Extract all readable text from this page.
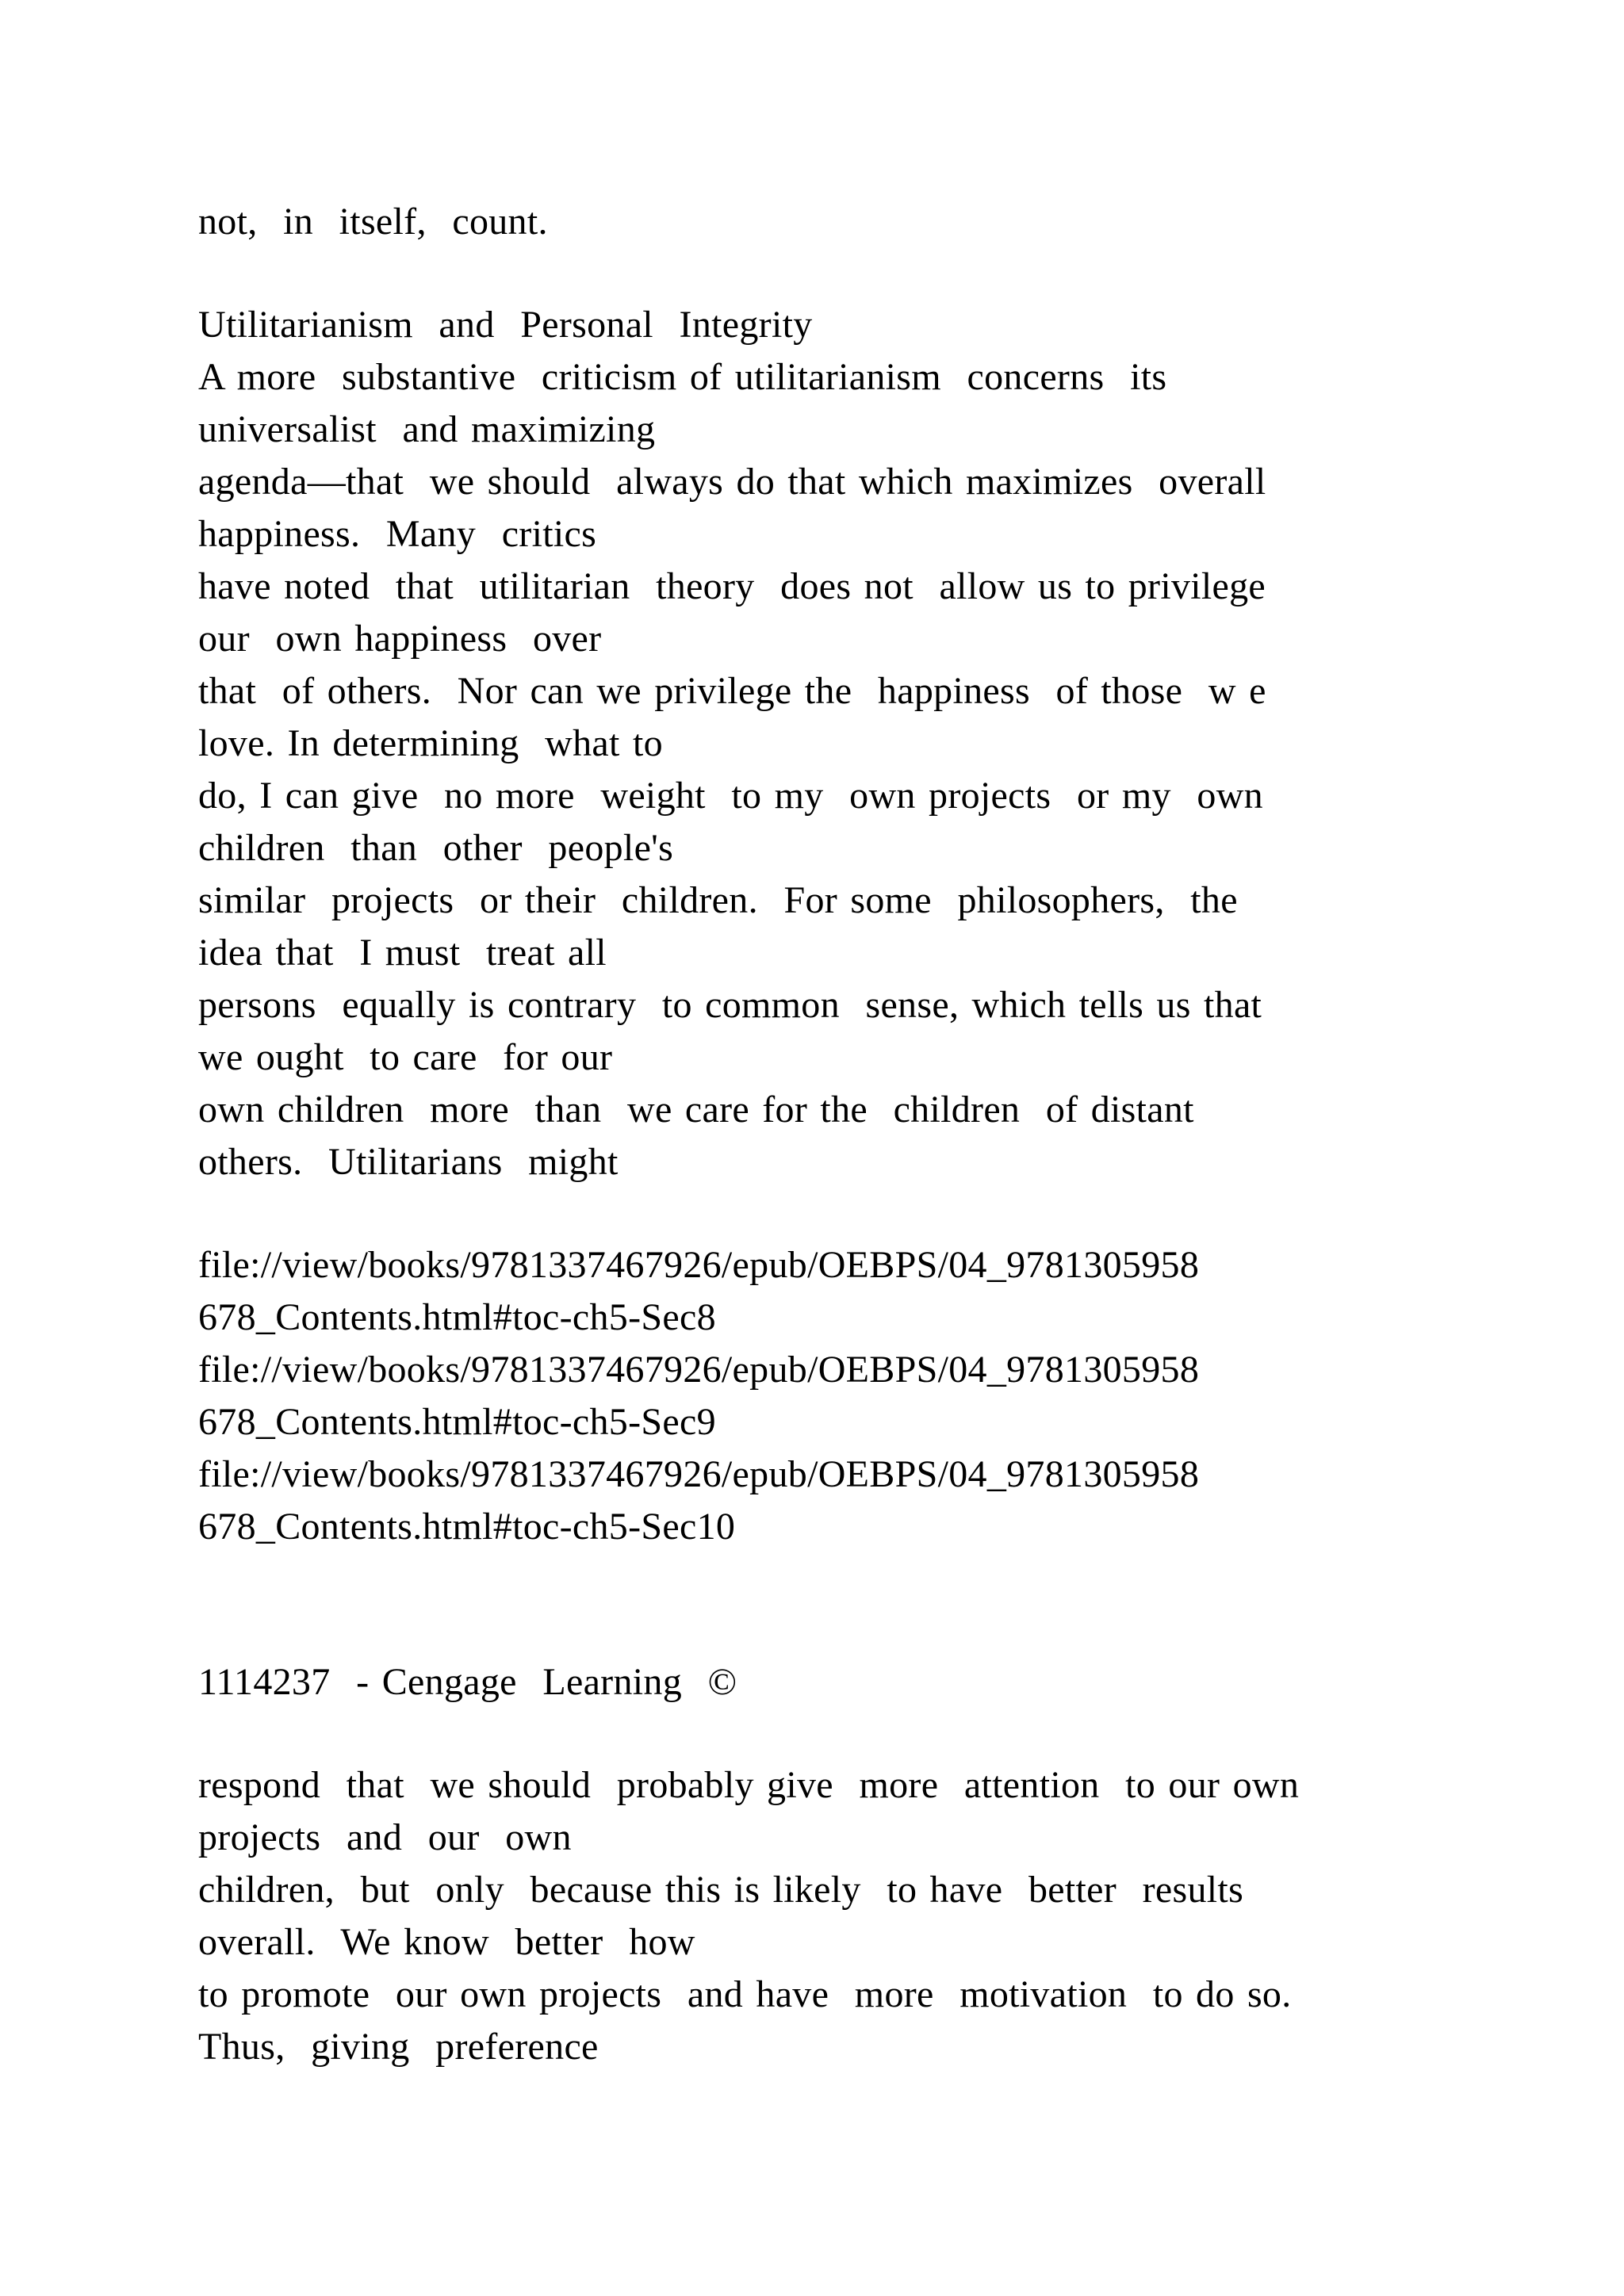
not,  in  itself,  count.

Utilitarianism  and  Personal  Integrity

A more  substantive  criticism of utilitarianism  concerns  its

universalist  and maximizing

agenda—that  we should  always do that which maximizes  overall

happiness.  Many  critics

have noted  that  utilitarian  theory  does not  allow us to privilege

our  own happiness  over

that  of others.  Nor can we privilege the  happiness  of those  w e

love. In determining  what to

do, I can give  no more  weight  to my  own projects  or my  own

children  than  other  people's

similar  projects  or their  children.  For some  philosophers,  the

idea that  I must  treat all

persons  equally is contrary  to common  sense, which tells us that

we ought  to care  for our

own children  more  than  we care for the  children  of distant

others.  Utilitarians  might

file://view/books/9781337467926/epub/OEBPS/04_9781305958

678_Contents.html#toc-ch5-Sec8

file://view/books/9781337467926/epub/OEBPS/04_9781305958

678_Contents.html#toc-ch5-Sec9

file://view/books/9781337467926/epub/OEBPS/04_9781305958

678_Contents.html#toc-ch5-Sec10

1114237  - Cengage  Learning  ©

respond  that  we should  probably give  more  attention  to our own

projects  and  our  own

children,  but  only  because this is likely  to have  better  results

overall.  We know  better  how

to promote  our own projects  and have  more  motivation  to do so.

Thus,  giving  preference
